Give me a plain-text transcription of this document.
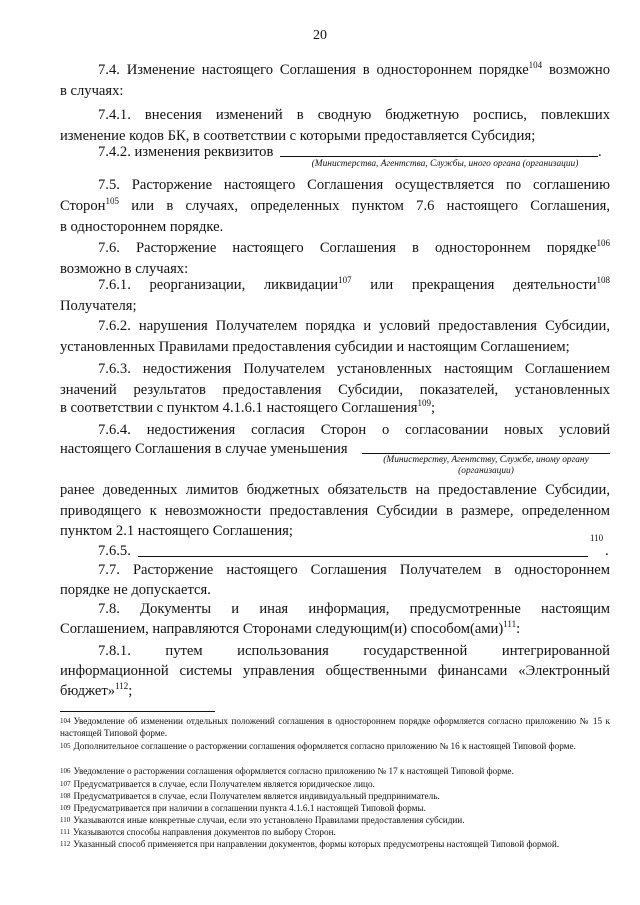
20

7.4. Изменение настоящего Соглашения в одностороннем порядке$^{104}$ возможно

в случаях:

7.4.1. внесения изменений в сводную бюджетную роспись, повлекших

изменение кодов БК, в соответствии с которыми предоставляется Субсидия;

7.4.2. изменения реквизитов	.
(Министерства, Агентства, Службы, иного органа (организации)

7.5. Расторжение настоящего Соглашения осуществляется по соглашению

Сторон$^{105}$ или в случаях, определенных пунктом 7.6 настоящего Соглашения,

в одностороннем порядке.

7.6. Расторжение настоящего Соглашения в одностороннем порядке$^{106}$

возможно в случаях:

7.6.1. реорганизации, ликвидации$^{107}$ или прекращения деятельности$^{108}$

Получателя;

7.6.2. нарушения Получателем порядка и условий предоставления Субсидии,

установленных Правилами предоставления субсидии и настоящим Соглашением;

7.6.3. недостижения Получателем установленных настоящим Соглашением

значений результатов предоставления Субсидии, показателей, установленных

в соответствии с пунктом 4.1.6.1 настоящего Соглашения$^{109}$;

7.6.4. недостижения согласия Сторон о согласовании новых условий

настоящего Соглашения в случае уменьшения

(Министерству, Агентству, Службе, иному органу
(организации)

ранее доведенных лимитов бюджетных обязательств на предоставление Субсидии,

приводящего к невозможности предоставления Субсидии в размере, определенном

пунктом 2.1 настоящего Соглашения;

7.6.5.

110
.

7.7. Расторжение настоящего Соглашения Получателем в одностороннем

порядке не допускается.

7.8. Документы и иная информация, предусмотренные настоящим

Соглашением, направляются Сторонами следующим(и) способом(ами)$^{111}$:

7.8.1. путем использования государственной интегрированной

информационной системы управления общественными финансами «Электронный

бюджет»$^{112}$;

$^{104}$ Уведомление об изменении отдельных положений соглашения в одностороннем порядке оформляется согласно приложению № 15 к настоящей Типовой форме.

$^{105}$ Дополнительное соглашение о расторжении соглашения оформляется согласно приложению № 16 к настоящей Типовой форме.

$^{106}$ Уведомление о расторжении соглашения оформляется согласно приложению № 17 к настоящей Типовой форме.

$^{107}$ Предусматривается в случае, если Получателем является юридическое лицо.

$^{108}$ Предусматривается в случае, если Получателем является индивидуальный предприниматель.

$^{109}$ Предусматривается при наличии в соглашении пункта 4.1.6.1 настоящей Типовой формы.

$^{110}$ Указываются иные конкретные случаи, если это установлено Правилами предоставления субсидии.

$^{111}$ Указываются способы направления документов по выбору Сторон.

$^{112}$ Указанный способ применяется при направлении документов, формы которых предусмотрены настоящей Типовой формой.
